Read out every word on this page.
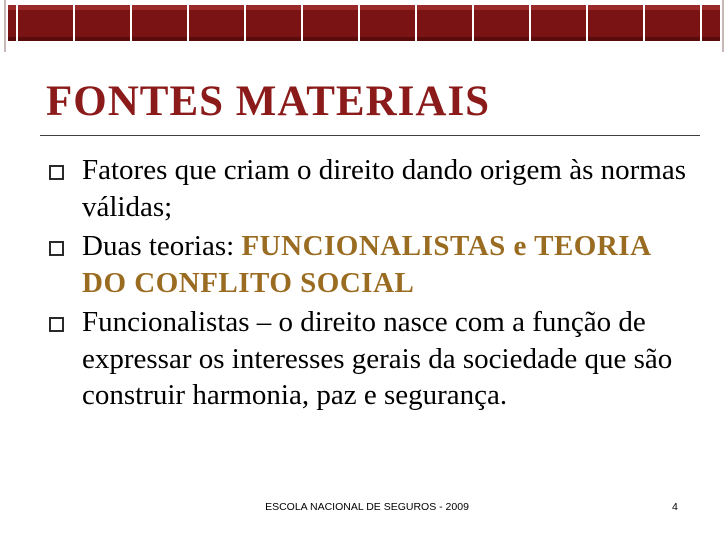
FONTES MATERIAIS
Fatores que criam o direito dando origem às normas válidas;
Duas teorias: FUNCIONALISTAS e TEORIA DO CONFLITO SOCIAL
Funcionalistas – o direito nasce com a função de expressar os interesses gerais da sociedade que são construir harmonia, paz e segurança.
ESCOLA NACIONAL DE SEGUROS - 2009	4
